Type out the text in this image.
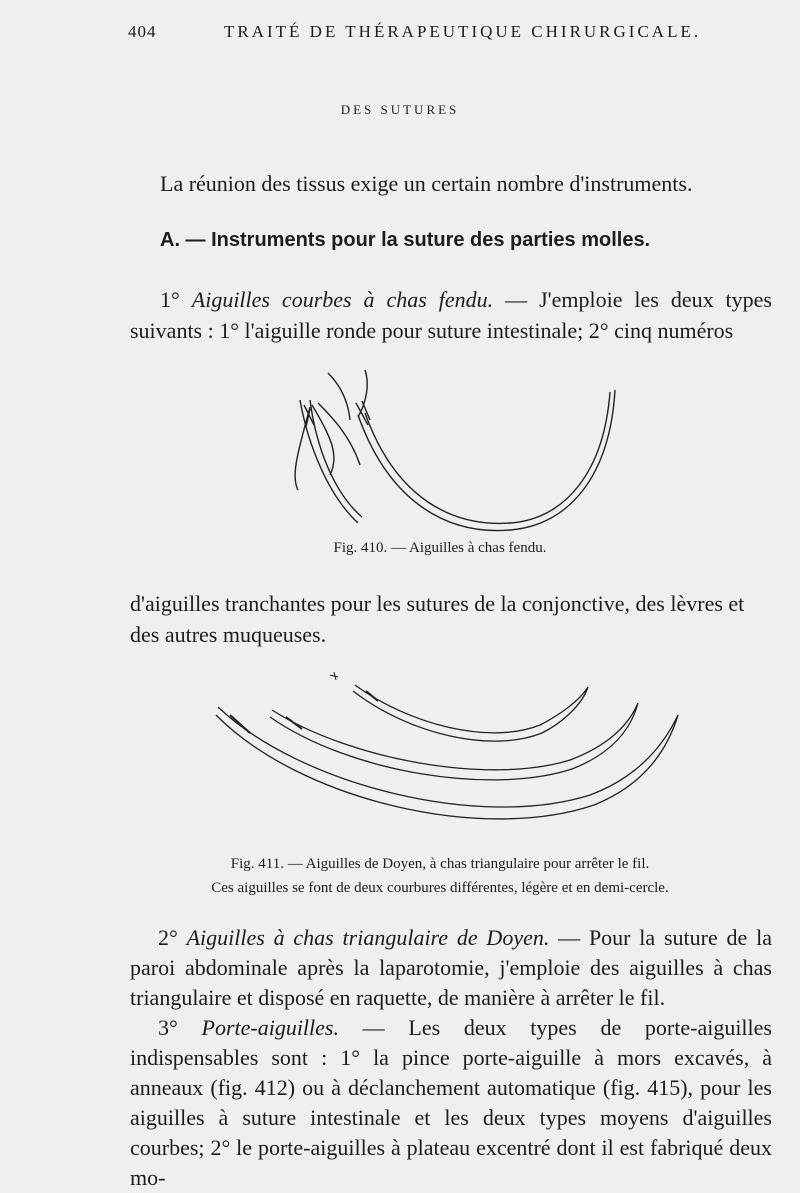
404	TRAITÉ DE THÉRAPEUTIQUE CHIRURGICALE.
DES SUTURES

La réunion des tissus exige un certain nombre d'instruments.

A. — Instruments pour la suture des parties molles.

1° Aiguilles courbes à chas fendu. — J'emploie les deux types suivants : 1° l'aiguille ronde pour suture intestinale; 2° cinq numéros

Fig. 410. — Aiguilles à chas fendu.

d'aiguilles tranchantes pour les sutures de la conjonctive, des lèvres et des autres muqueuses.

Fig. 411. — Aiguilles de Doyen, à chas triangulaire pour arrêter le fil.
Ces aiguilles se font de deux courbures différentes, légère et en demi-cercle.

2° Aiguilles à chas triangulaire de Doyen. — Pour la suture de la paroi abdominale après la laparotomie, j'emploie des aiguilles à chas triangulaire et disposé en raquette, de manière à arrêter le fil.

3° Porte-aiguilles. — Les deux types de porte-aiguilles indispensables sont : 1° la pince porte-aiguille à mors excavés, à anneaux (fig. 412) ou à déclanchement automatique (fig. 415), pour les aiguilles à suture intestinale et les deux types moyens d'aiguilles courbes; 2° le porte-aiguilles à plateau excentré dont il est fabriqué deux mo-
